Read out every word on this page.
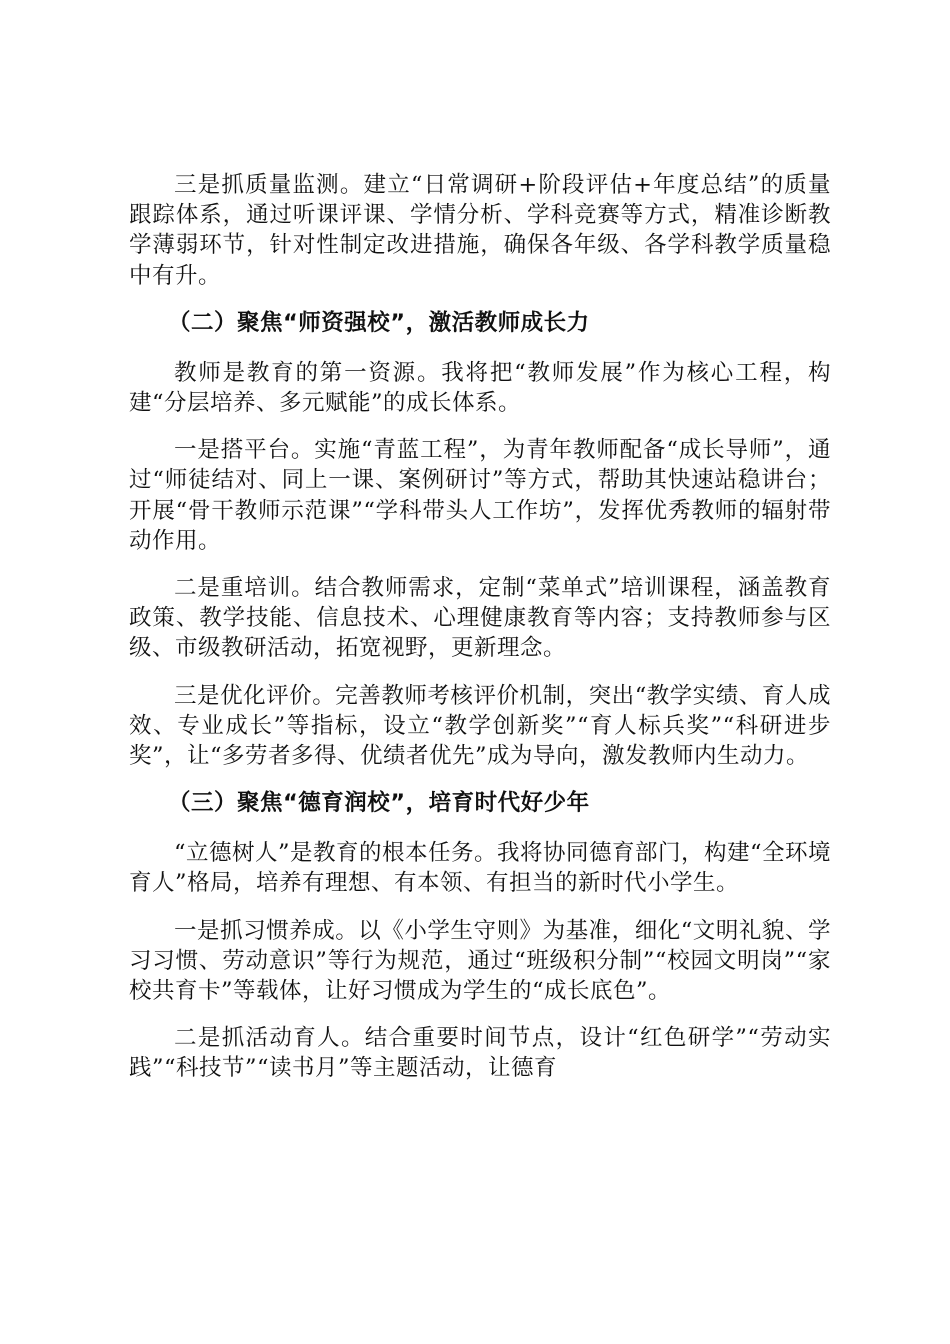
三是抓质量监测。建立“日常调研+阶段评估+年度总结”的质量跟踪体系，通过听课评课、学情分析、学科竞赛等方式，精准诊断教学薄弱环节，针对性制定改进措施，确保各年级、各学科教学质量稳中有升。

（二）聚焦“师资强校”，激活教师成长力

教师是教育的第一资源。我将把“教师发展”作为核心工程，构建“分层培养、多元赋能”的成长体系。

一是搭平台。实施“青蓝工程”，为青年教师配备“成长导师”，通过“师徒结对、同上一课、案例研讨”等方式，帮助其快速站稳讲台；开展“骨干教师示范课”“学科带头人工作坊”，发挥优秀教师的辐射带动作用。

二是重培训。结合教师需求，定制“菜单式”培训课程，涵盖教育政策、教学技能、信息技术、心理健康教育等内容；支持教师参与区级、市级教研活动，拓宽视野，更新理念。

三是优化评价。完善教师考核评价机制，突出“教学实绩、育人成效、专业成长”等指标，设立“教学创新奖”“育人标兵奖”“科研进步奖”，让“多劳者多得、优绩者优先”成为导向，激发教师内生动力。

（三）聚焦“德育润校”，培育时代好少年

“立德树人”是教育的根本任务。我将协同德育部门，构建“全环境育人”格局，培养有理想、有本领、有担当的新时代小学生。

一是抓习惯养成。以《小学生守则》为基准，细化“文明礼貌、学习习惯、劳动意识”等行为规范，通过“班级积分制”“校园文明岗”“家校共育卡”等载体，让好习惯成为学生的“成长底色”。

二是抓活动育人。结合重要时间节点，设计“红色研学”“劳动实践”“科技节”“读书月”等主题活动，让德育
